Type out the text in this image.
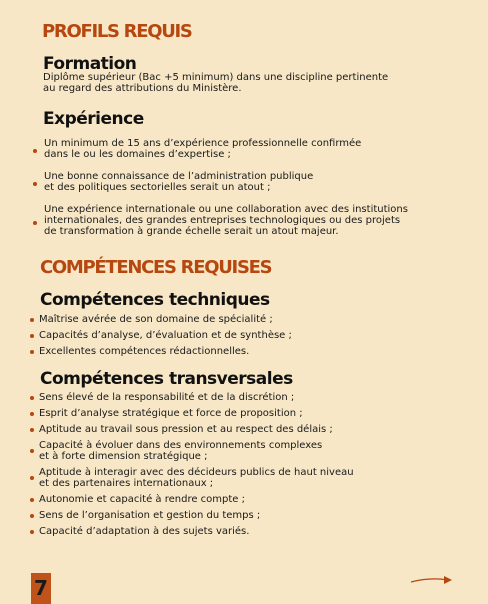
PROFILS REQUIS
Formation

Diplôme supérieur (Bac +5 minimum) dans une discipline pertinente
au regard des attributions du Ministère.

Expérience
Un minimum de 15 ans d’expérience professionnelle confirmée
dans le ou les domaines d’expertise ;
Une bonne connaissance de l’administration publique
et des politiques sectorielles serait un atout ;
Une expérience internationale ou une collaboration avec des institutions
internationales, des grandes entreprises technologiques ou des projets
de transformation à grande échelle serait un atout majeur.
COMPÉTENCES REQUISES
Compétences techniques
Maîtrise avérée de son domaine de spécialité ;
Capacités d’analyse, d’évaluation et de synthèse ;
Excellentes compétences rédactionnelles.
Compétences transversales
Sens élevé de la responsabilité et de la discrétion ;
Esprit d’analyse stratégique et force de proposition ;
Aptitude au travail sous pression et au respect des délais ;
Capacité à évoluer dans des environnements complexes
et à forte dimension stratégique ;
Aptitude à interagir avec des décideurs publics de haut niveau
et des partenaires internationaux ;
Autonomie et capacité à rendre compte ;
Sens de l’organisation et gestion du temps ;
Capacité d’adaptation à des sujets variés.
7
